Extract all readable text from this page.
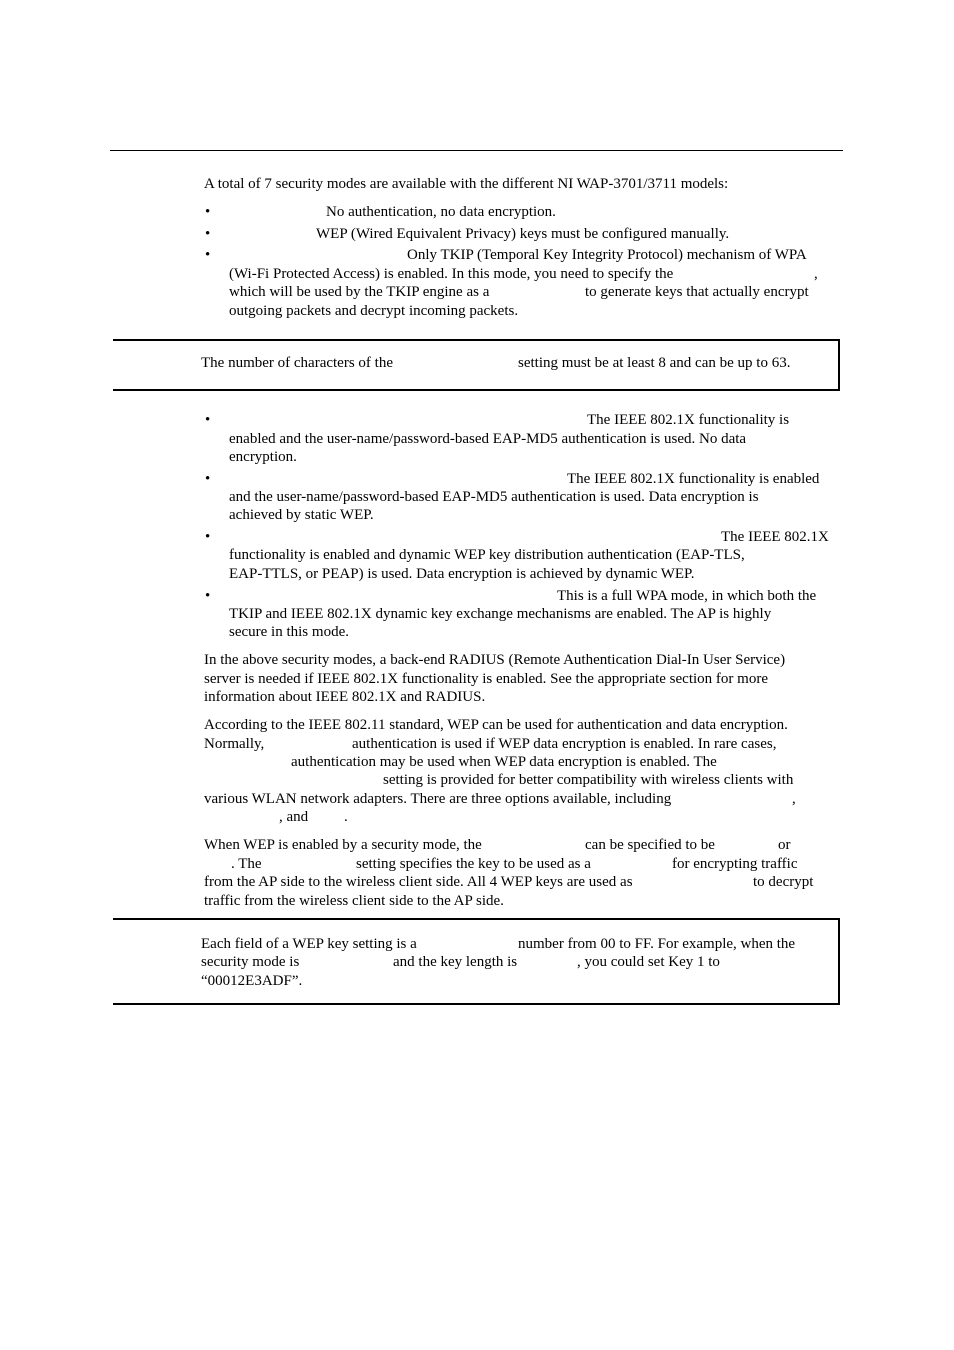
A total of 7 security modes are available with the different NI WAP-3701/3711 models:
•	No authentication, no data encryption.
•	WEP (Wired Equivalent Privacy) keys must be configured manually.
•	Only TKIP (Temporal Key Integrity Protocol) mechanism of WPA
(Wi-Fi Protected Access) is enabled. In this mode, you need to specify the	,
which will be used by the TKIP engine as a	to generate keys that actually encrypt
outgoing packets and decrypt incoming packets.
The number of characters of the	setting must be at least 8 and can be up to 63.
•	The IEEE 802.1X functionality is
enabled and the user-name/password-based EAP-MD5 authentication is used. No data
encryption.
•	The IEEE 802.1X functionality is enabled
and the user-name/password-based EAP-MD5 authentication is used. Data encryption is
achieved by static WEP.
•	The IEEE 802.1X
functionality is enabled and dynamic WEP key distribution authentication (EAP-TLS,
EAP-TTLS, or PEAP) is used. Data encryption is achieved by dynamic WEP.
•	This is a full WPA mode, in which both the
TKIP and IEEE 802.1X dynamic key exchange mechanisms are enabled. The AP is highly
secure in this mode.
In the above security modes, a back-end RADIUS (Remote Authentication Dial-In User Service)
server is needed if IEEE 802.1X functionality is enabled. See the appropriate section for more
information about IEEE 802.1X and RADIUS.
According to the IEEE 802.11 standard, WEP can be used for authentication and data encryption.
Normally,	authentication is used if WEP data encryption is enabled. In rare cases,
authentication may be used when WEP data encryption is enabled. The
setting is provided for better compatibility with wireless clients with
various WLAN network adapters. There are three options available, including	,
, and .
When WEP is enabled by a security mode, the	can be specified to be	or
. The	setting specifies the key to be used as a	for encrypting traffic
from the AP side to the wireless client side. All 4 WEP keys are used as	to decrypt
traffic from the wireless client side to the AP side.
Each field of a WEP key setting is a	number from 00 to FF. For example, when the
security mode is	and the key length is	, you could set Key 1 to
“00012E3ADF”.
